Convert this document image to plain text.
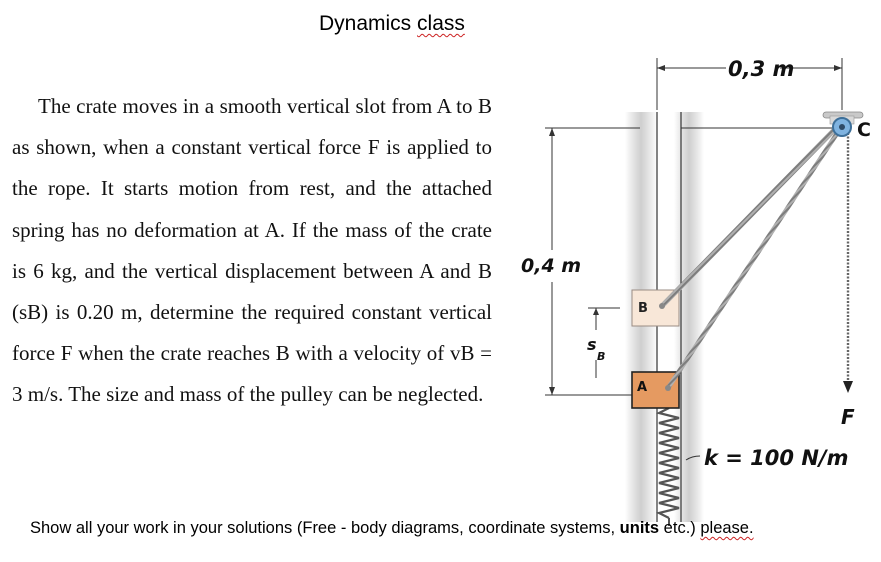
Dynamics class

The crate moves in a smooth vertical slot from A to B as shown, when a constant vertical force F is applied to the rope. It starts motion from rest, and the attached spring has no deformation at A. If the mass of the crate is 6 kg, and the vertical displacement between A and B (sB) is 0.20 m, determine the required constant vertical force F when the crate reaches B with a velocity of vB = 3 m/s. The size and mass of the pulley can be neglected.

0,3 m
0,4 m
s
B
B
A
C
F
k = 100 N/m
Show all your work in your solutions (Free - body diagrams, coordinate systems, units etc.) please.
